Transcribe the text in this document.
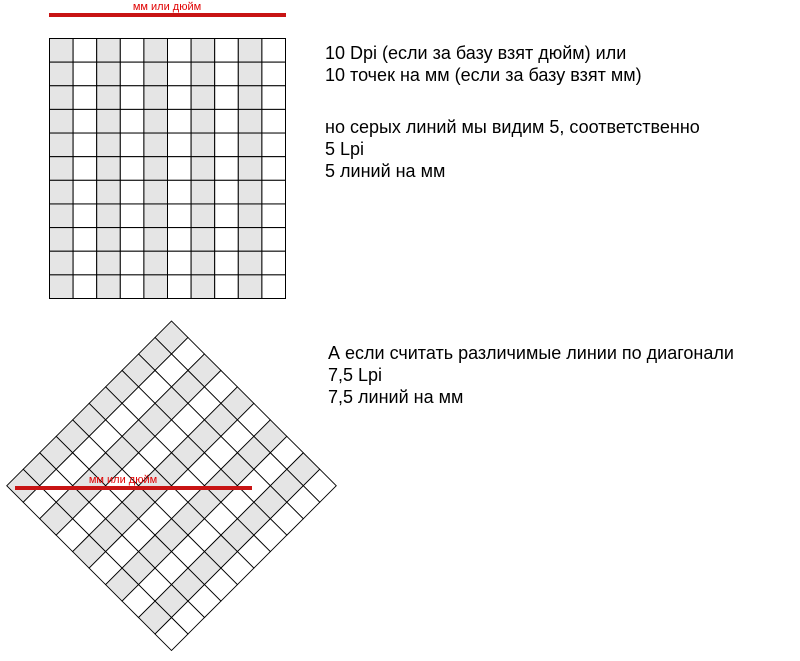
мм или дюйм
мм или дюйм
10 Dpi (если за базу взят дюйм) или
10 точек на мм (если за базу взят мм)
но серых линий мы видим 5, соответственно
5 Lpi
5 линий на мм
А если считать различимые линии по диагонали
7,5 Lpi
7,5 линий на мм
